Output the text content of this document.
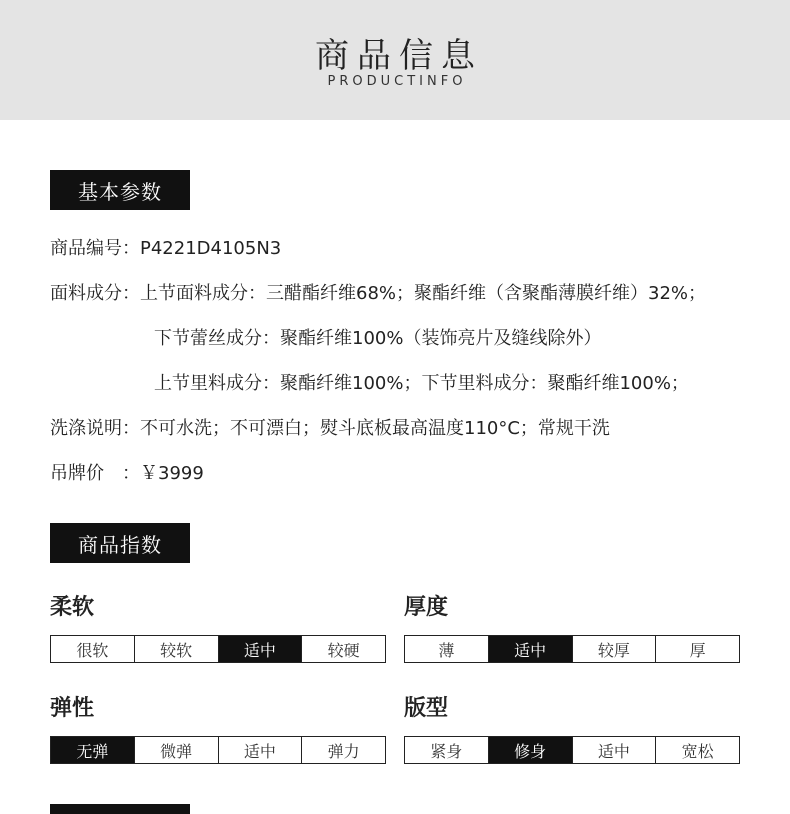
商品信息
PRODUCTINFO
基本参数
商品编号：P4221D4105N3
面料成分：上节面料成分：三醋酯纤维68%；聚酯纤维（含聚酯薄膜纤维）32%；
下节蕾丝成分：聚酯纤维100%（装饰亮片及缝线除外）
上节里料成分：聚酯纤维100%；下节里料成分：聚酯纤维100%；
洗涤说明：不可水洗；不可漂白；熨斗底板最高温度110°C；常规干洗
吊牌价　：￥3999
商品指数
柔软
很软	较软	适中	较硬
厚度
薄	适中	较厚	厚
弹性
无弹	微弹	适中	弹力
版型
紧身	修身	适中	宽松
